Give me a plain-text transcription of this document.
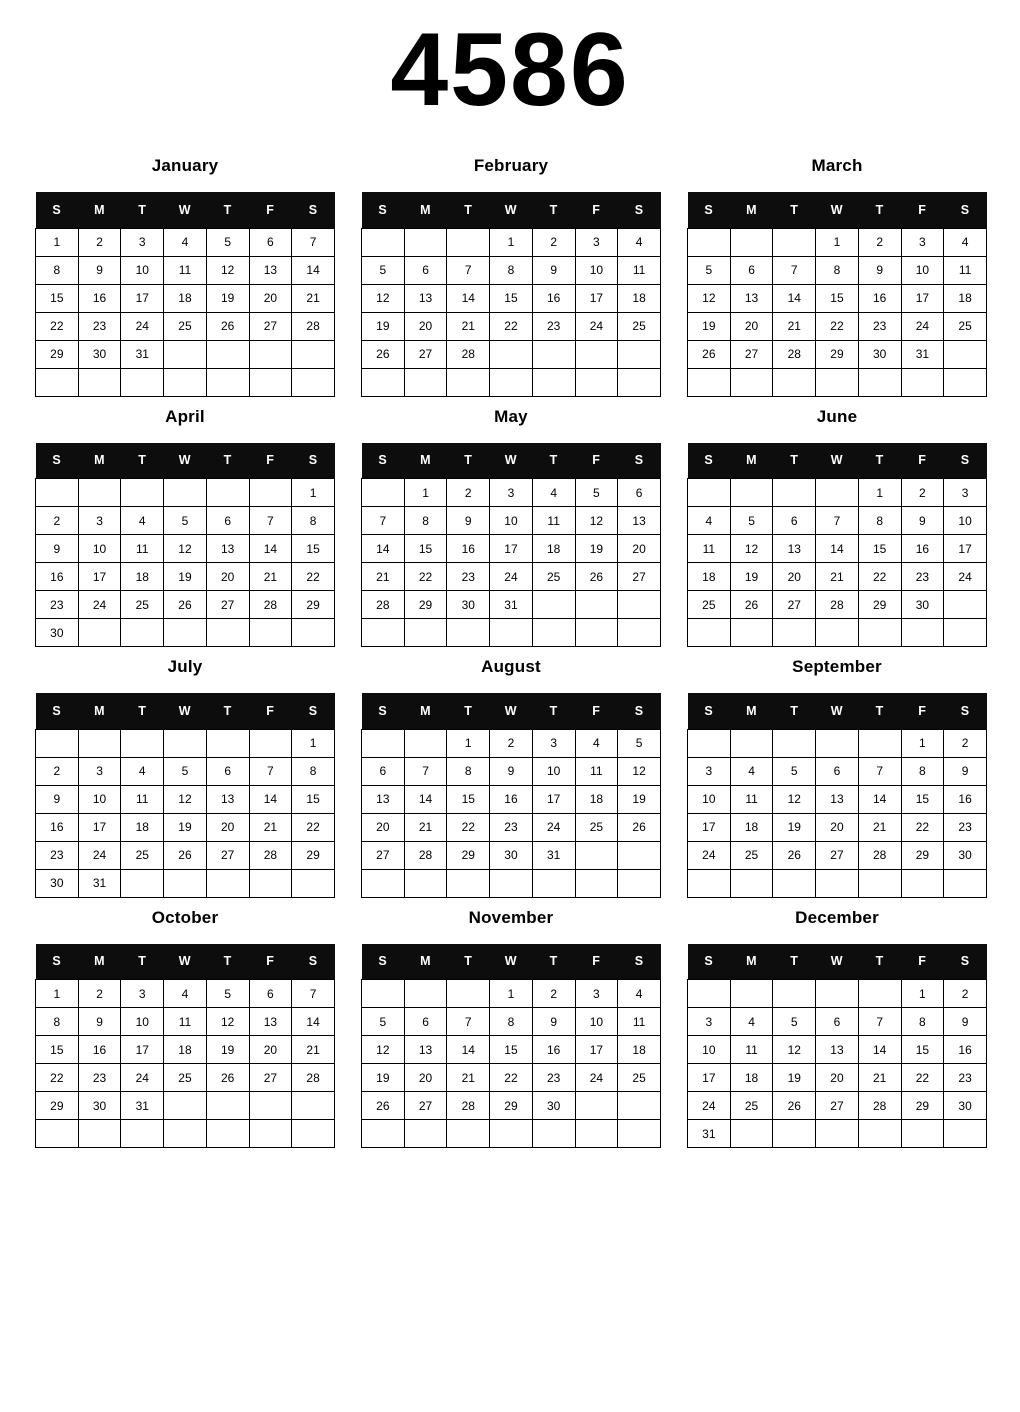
4586
January
S	M	T	W	T	F	S
1	2	3	4	5	6	7
8	9	10	11	12	13	14
15	16	17	18	19	20	21
22	23	24	25	26	27	28
29	30	31				

February
S	M	T	W	T	F	S
			1	2	3	4
5	6	7	8	9	10	11
12	13	14	15	16	17	18
19	20	21	22	23	24	25
26	27	28				

March
S	M	T	W	T	F	S
			1	2	3	4
5	6	7	8	9	10	11
12	13	14	15	16	17	18
19	20	21	22	23	24	25
26	27	28	29	30	31	

April
S	M	T	W	T	F	S
						1
2	3	4	5	6	7	8
9	10	11	12	13	14	15
16	17	18	19	20	21	22
23	24	25	26	27	28	29
30						
May
S	M	T	W	T	F	S
	1	2	3	4	5	6
7	8	9	10	11	12	13
14	15	16	17	18	19	20
21	22	23	24	25	26	27
28	29	30	31			

June
S	M	T	W	T	F	S
				1	2	3
4	5	6	7	8	9	10
11	12	13	14	15	16	17
18	19	20	21	22	23	24
25	26	27	28	29	30	

July
S	M	T	W	T	F	S
						1
2	3	4	5	6	7	8
9	10	11	12	13	14	15
16	17	18	19	20	21	22
23	24	25	26	27	28	29
30	31					
August
S	M	T	W	T	F	S
		1	2	3	4	5
6	7	8	9	10	11	12
13	14	15	16	17	18	19
20	21	22	23	24	25	26
27	28	29	30	31		

September
S	M	T	W	T	F	S
					1	2
3	4	5	6	7	8	9
10	11	12	13	14	15	16
17	18	19	20	21	22	23
24	25	26	27	28	29	30

October
S	M	T	W	T	F	S
1	2	3	4	5	6	7
8	9	10	11	12	13	14
15	16	17	18	19	20	21
22	23	24	25	26	27	28
29	30	31				

November
S	M	T	W	T	F	S
			1	2	3	4
5	6	7	8	9	10	11
12	13	14	15	16	17	18
19	20	21	22	23	24	25
26	27	28	29	30		

December
S	M	T	W	T	F	S
					1	2
3	4	5	6	7	8	9
10	11	12	13	14	15	16
17	18	19	20	21	22	23
24	25	26	27	28	29	30
31						
